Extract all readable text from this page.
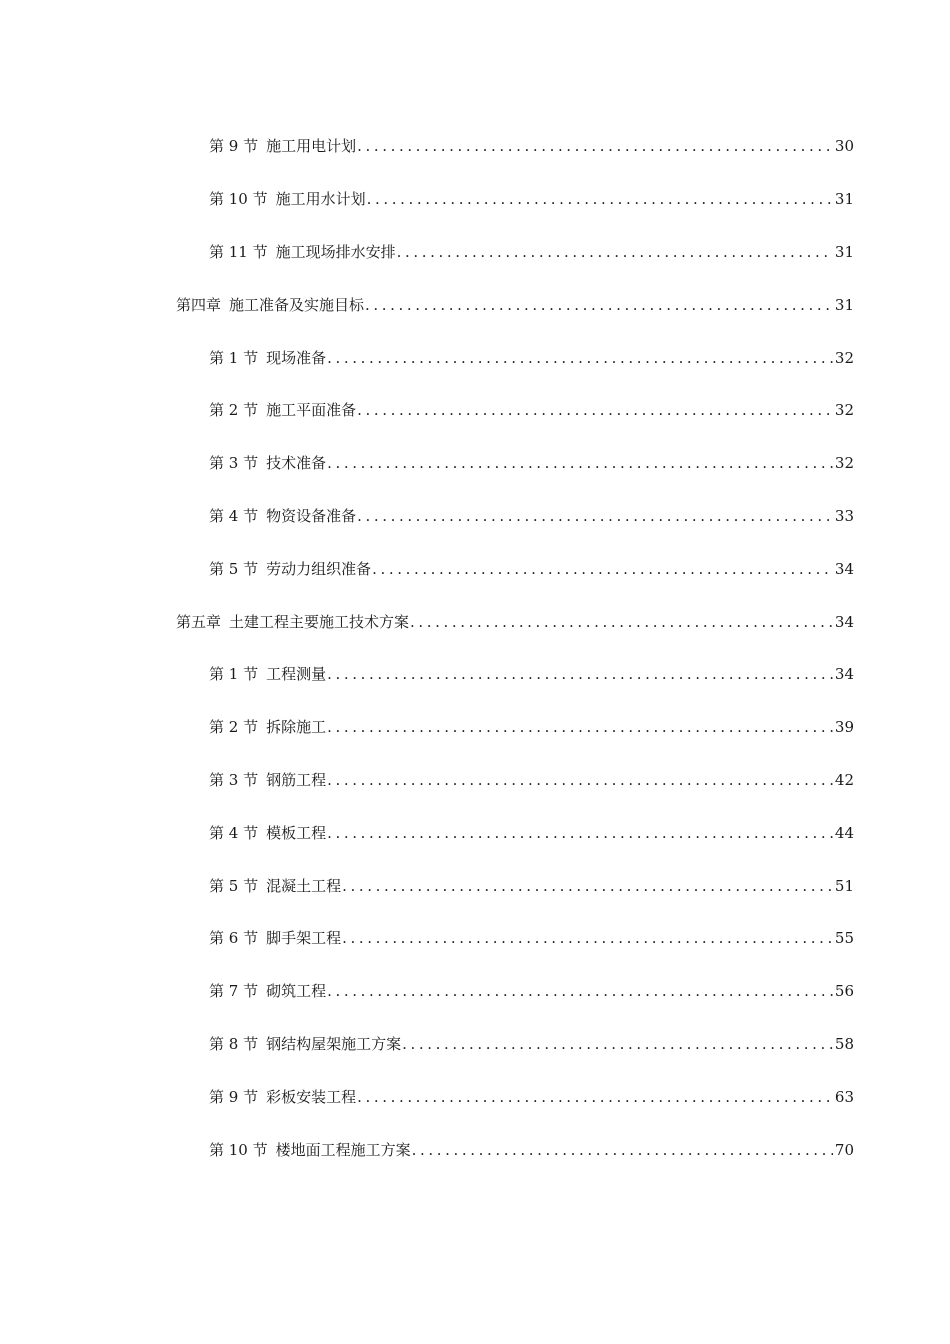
第 9 节 施工用电计划 .....	30
第 10 节 施工用水计划 .....	31
第 11 节 施工现场排水安排 .....	31
第四章 施工准备及实施目标 .....	31
第 1 节 现场准备 .....	32
第 2 节 施工平面准备 .....	32
第 3 节 技术准备 .....	32
第 4 节 物资设备准备 .....	33
第 5 节 劳动力组织准备 .....	34
第五章 土建工程主要施工技术方案 .....	34
第 1 节 工程测量 .....	34
第 2 节 拆除施工 .....	39
第 3 节 钢筋工程 .....	42
第 4 节 模板工程 .....	44
第 5 节 混凝土工程 .....	51
第 6 节 脚手架工程 .....	55
第 7 节 砌筑工程 .....	56
第 8 节 钢结构屋架施工方案 .....	58
第 9 节 彩板安装工程 .....	63
第 10 节 楼地面工程施工方案 .....	70
